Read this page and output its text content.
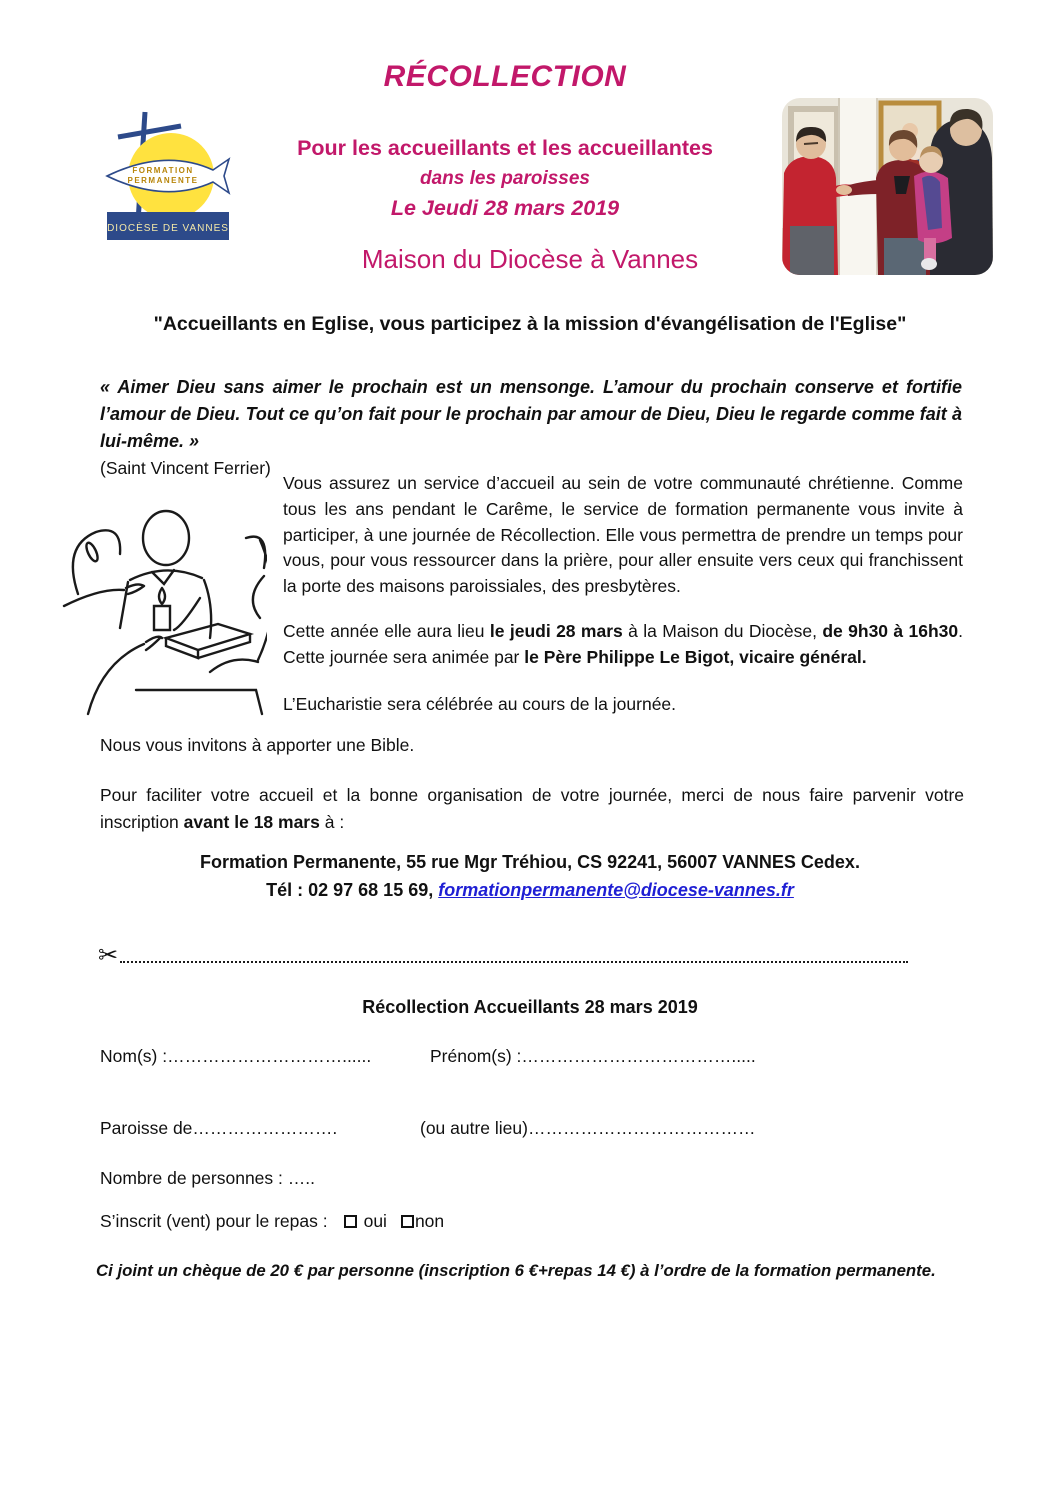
RÉCOLLECTION
FORMATION
PERMANENTE
DIOCÈSE DE VANNES
Pour les accueillants et les accueillantes
dans les paroisses
Le Jeudi 28 mars 2019
Maison du Diocèse à Vannes
"Accueillants en Eglise, vous participez à la mission d'évangélisation de l'Eglise"
« Aimer Dieu sans aimer le prochain est un mensonge. L’amour du prochain conserve et fortifie l’amour de Dieu. Tout ce qu’on fait pour le prochain par amour de Dieu, Dieu le regarde comme fait à lui-même. »
(Saint Vincent Ferrier)

Vous assurez un service d’accueil au sein de votre communauté chrétienne. Comme tous les ans pendant le Carême, le service de formation permanente vous invite à participer, à une journée de Récollection. Elle vous permettra de prendre un temps pour vous, pour vous ressourcer dans la prière, pour aller ensuite vers ceux qui franchissent la porte des maisons paroissiales, des presbytères.

Cette année elle aura lieu le jeudi 28 mars à la Maison du Diocèse, de 9h30 à 16h30. Cette journée sera animée par le Père Philippe Le Bigot, vicaire général.

L’Eucharistie sera célébrée au cours de la journée.

Nous vous invitons à apporter une Bible.
Pour faciliter votre accueil et la bonne organisation de votre journée, merci de nous faire parvenir votre inscription avant le 18 mars à :
Formation Permanente, 55 rue Mgr Tréhiou, CS 92241, 56007 VANNES Cedex.
Tél : 02 97 68 15 69, formationpermanente@diocese-vannes.fr
✂
Récollection Accueillants 28 mars 2019
Nom(s) :…………………………......	Prénom(s) :……………………………….....
Paroisse de…………………….	(ou autre lieu)…………………………………
Nombre de personnes : …..
S’inscrit (vent) pour le repas : oui non
Ci joint un chèque de 20 € par personne (inscription 6 €+repas 14 €) à l’ordre de la formation permanente.
